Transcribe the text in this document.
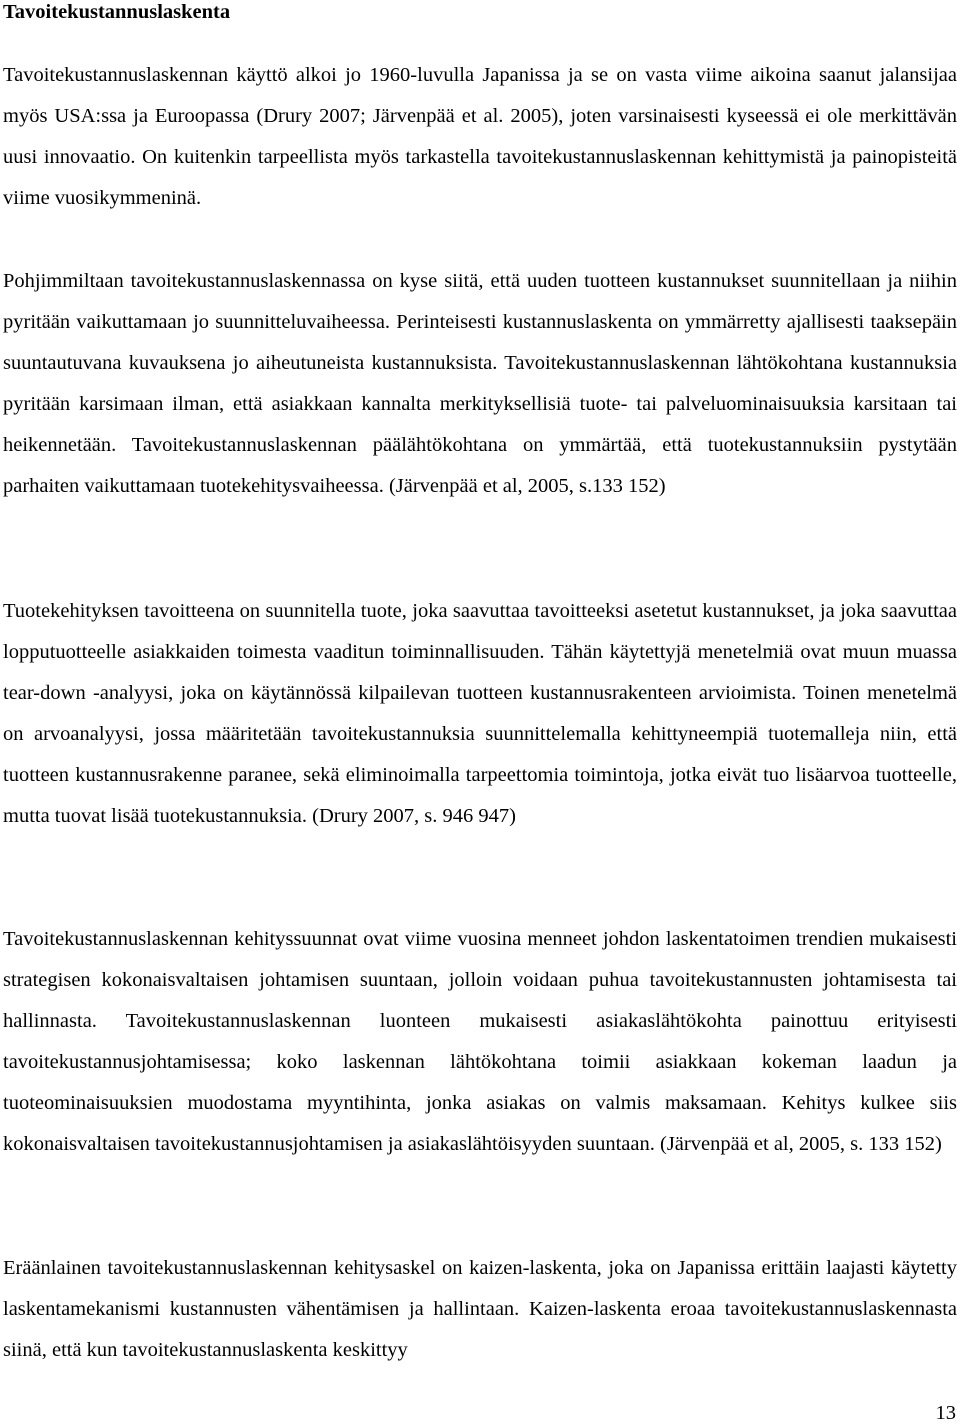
Tavoitekustannuslaskenta

Tavoitekustannuslaskennan käyttö alkoi jo 1960-luvulla Japanissa ja se on vasta viime aikoina saanut jalansijaa myös USA:ssa ja Euroopassa (Drury 2007; Järvenpää et al. 2005), joten varsinaisesti kyseessä ei ole merkittävän uusi innovaatio. On kuitenkin tarpeellista myös tarkastella tavoitekustannuslaskennan kehittymistä ja painopisteitä viime vuosikymmeninä.

Pohjimmiltaan tavoitekustannuslaskennassa on kyse siitä, että uuden tuotteen kustannukset suunnitellaan ja niihin pyritään vaikuttamaan jo suunnitteluvaiheessa. Perinteisesti kustannuslaskenta on ymmärretty ajallisesti taaksepäin suuntautuvana kuvauksena jo aiheutuneista kustannuksista. Tavoitekustannuslaskennan lähtökohtana kustannuksia pyritään karsimaan ilman, että asiakkaan kannalta merkityksellisiä tuote- tai palveluominaisuuksia karsitaan tai heikennetään. Tavoitekustannuslaskennan päälähtökohtana on ymmärtää, että tuotekustannuksiin pystytään parhaiten vaikuttamaan tuotekehitysvaiheessa. (Järvenpää et al, 2005, s.133 152)

Tuotekehityksen tavoitteena on suunnitella tuote, joka saavuttaa tavoitteeksi asetetut kustannukset, ja joka saavuttaa lopputuotteelle asiakkaiden toimesta vaaditun toiminnallisuuden. Tähän käytettyjä menetelmiä ovat muun muassa tear-down -analyysi, joka on käytännössä kilpailevan tuotteen kustannusrakenteen arvioimista. Toinen menetelmä on arvoanalyysi, jossa määritetään tavoitekustannuksia suunnittelemalla kehittyneempiä tuotemalleja niin, että tuotteen kustannusrakenne paranee, sekä eliminoimalla tarpeettomia toimintoja, jotka eivät tuo lisäarvoa tuotteelle, mutta tuovat lisää tuotekustannuksia. (Drury 2007, s. 946 947)

Tavoitekustannuslaskennan kehityssuunnat ovat viime vuosina menneet johdon laskentatoimen trendien mukaisesti strategisen kokonaisvaltaisen johtamisen suuntaan, jolloin voidaan puhua tavoitekustannusten johtamisesta tai hallinnasta. Tavoitekustannuslaskennan luonteen mukaisesti asiakaslähtökohta painottuu erityisesti tavoitekustannusjohtamisessa; koko laskennan lähtökohtana toimii asiakkaan kokeman laadun ja tuoteominaisuuksien muodostama myyntihinta, jonka asiakas on valmis maksamaan. Kehitys kulkee siis kokonaisvaltaisen tavoitekustannusjohtamisen ja asiakaslähtöisyyden suuntaan. (Järvenpää et al, 2005, s. 133 152)

Eräänlainen tavoitekustannuslaskennan kehitysaskel on kaizen-laskenta, joka on Japanissa erittäin laajasti käytetty laskentamekanismi kustannusten vähentämisen ja hallintaan. Kaizen-laskenta eroaa tavoitekustannuslaskennasta siinä, että kun tavoitekustannuslaskenta keskittyy

13
